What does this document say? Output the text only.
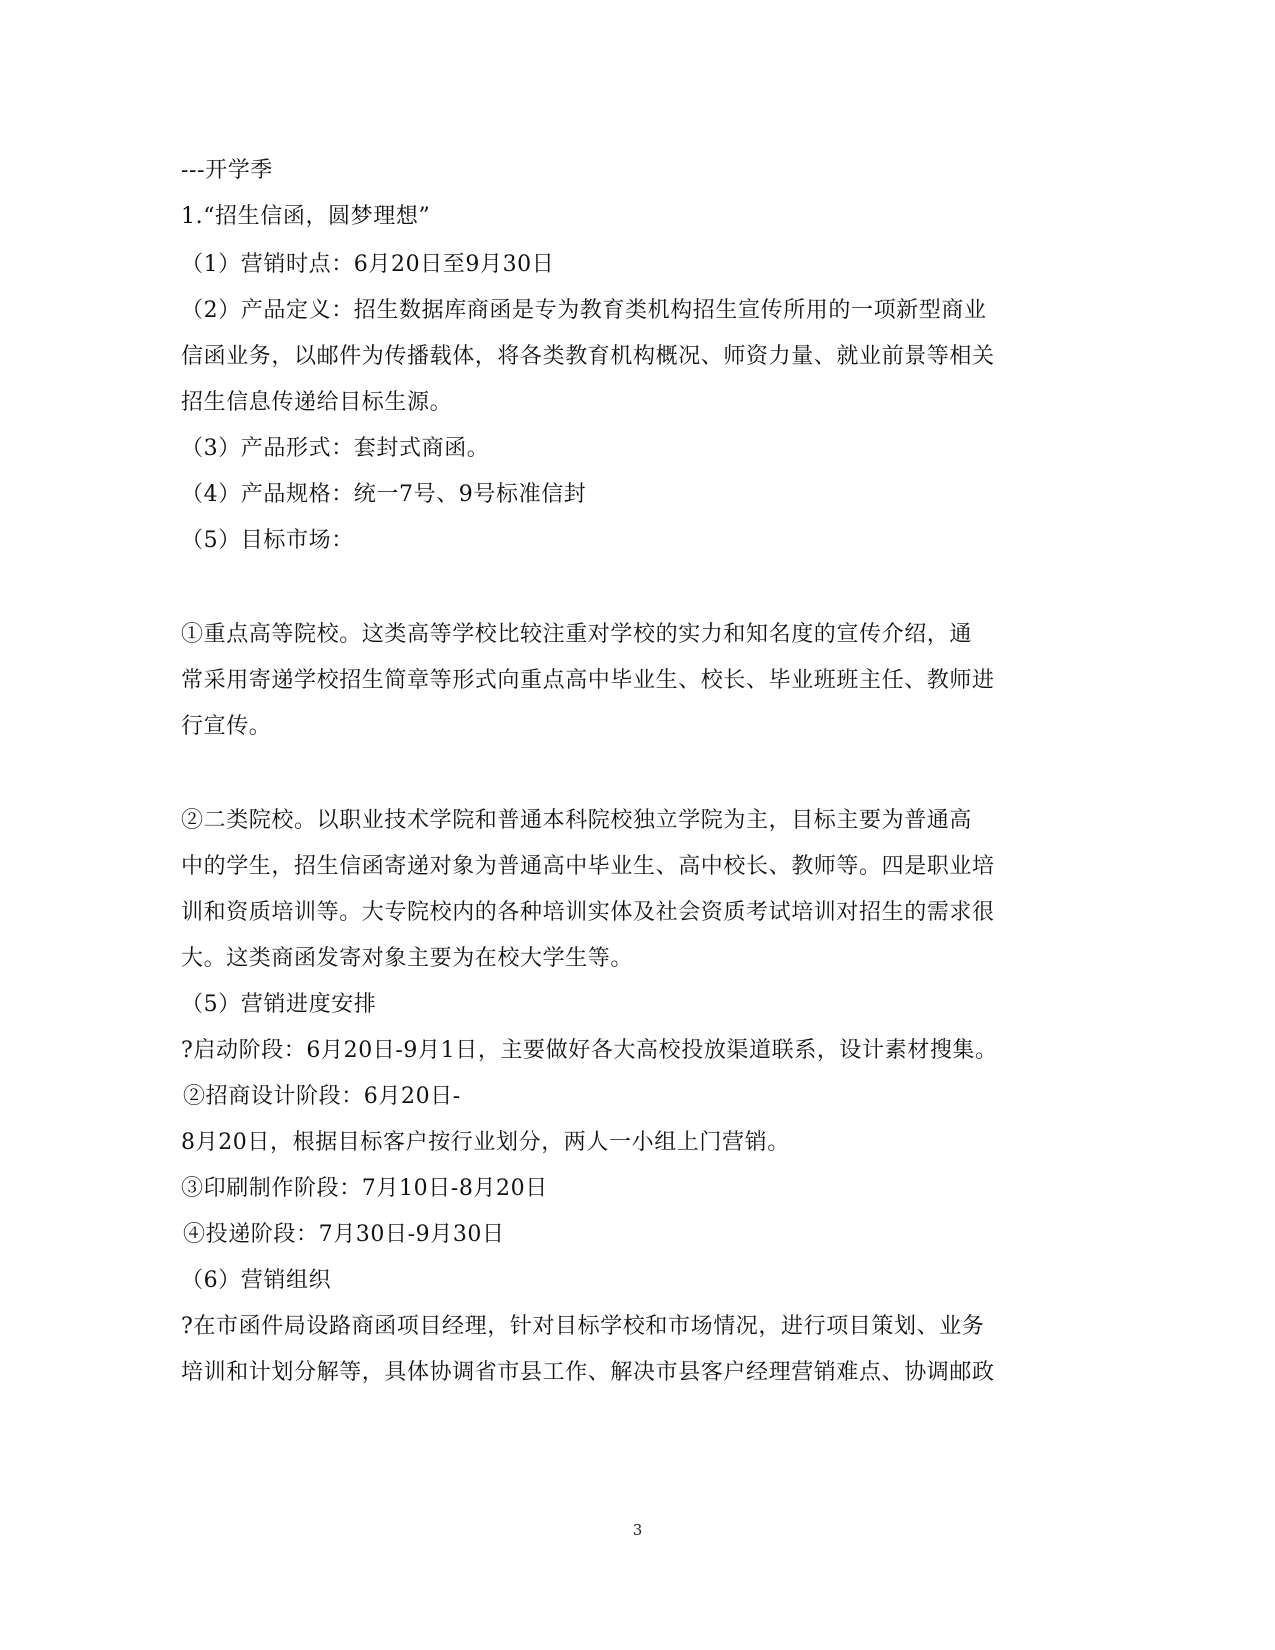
---开学季
1.“招生信函，圆梦理想”
（1）营销时点：6月20日至9月30日
（2）产品定义：招生数据库商函是专为教育类机构招生宣传所用的一项新型商业
信函业务，以邮件为传播载体，将各类教育机构概况、师资力量、就业前景等相关
招生信息传递给目标生源。
（3）产品形式：套封式商函。
（4）产品规格：统一7号、9号标准信封
（5）目标市场：
①重点高等院校。这类高等学校比较注重对学校的实力和知名度的宣传介绍，通
常采用寄递学校招生简章等形式向重点高中毕业生、校长、毕业班班主任、教师进
行宣传。
②二类院校。以职业技术学院和普通本科院校独立学院为主，目标主要为普通高
中的学生，招生信函寄递对象为普通高中毕业生、高中校长、教师等。四是职业培
训和资质培训等。大专院校内的各种培训实体及社会资质考试培训对招生的需求很
大。这类商函发寄对象主要为在校大学生等。
（5）营销进度安排
?启动阶段：6月20日-9月1日，主要做好各大高校投放渠道联系，设计素材搜集。
②招商设计阶段：6月20日-
8月20日，根据目标客户按行业划分，两人一小组上门营销。
③印刷制作阶段：7月10日-8月20日
④投递阶段：7月30日-9月30日
（6）营销组织
?在市函件局设路商函项目经理，针对目标学校和市场情况，进行项目策划、业务
培训和计划分解等，具体协调省市县工作、解决市县客户经理营销难点、协调邮政
3
